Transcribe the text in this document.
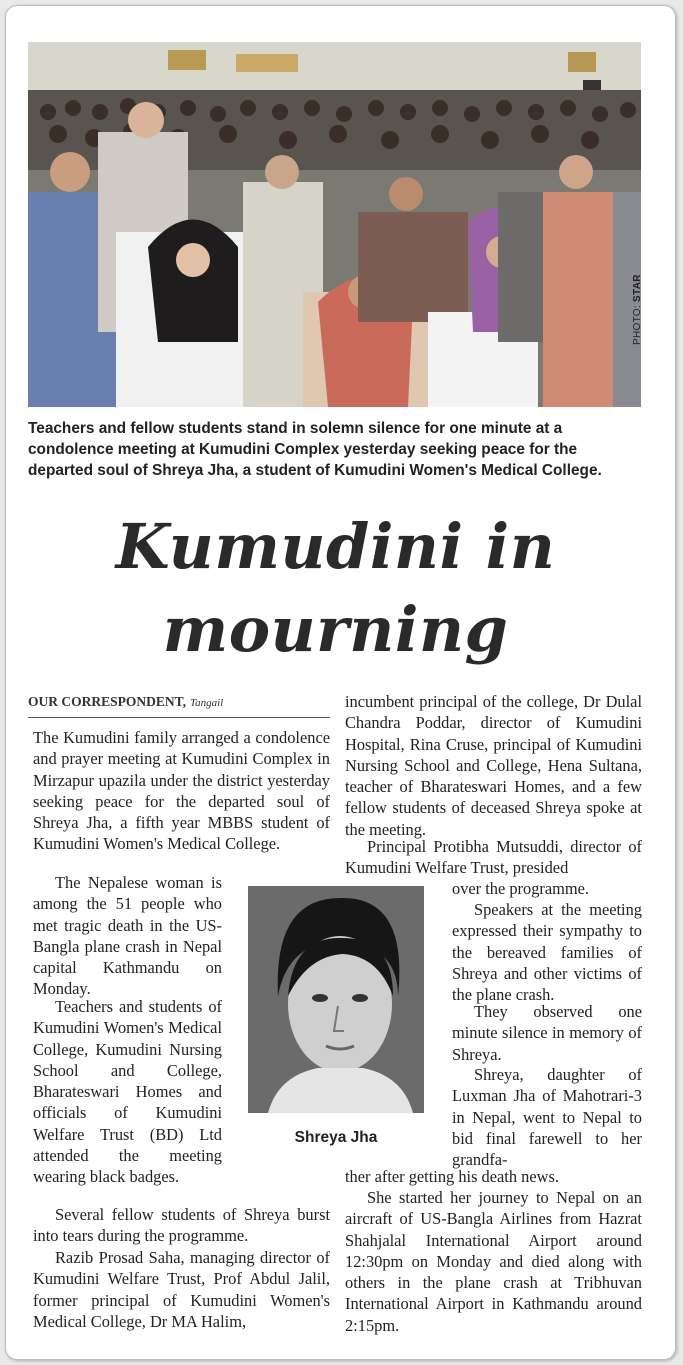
PHOTO: STAR
Teachers and fellow students stand in solemn silence for one minute at a condolence meeting at Kumudini Complex yesterday seeking peace for the departed soul of Shreya Jha, a student of Kumudini Women's Medical College.
Kumudini in
mourning
OUR CORRESPONDENT, Tangail

The Kumudini family arranged a condolence and prayer meeting at Kumudini Complex in Mirzapur upazila under the district yesterday seeking peace for the departed soul of Shreya Jha, a fifth year MBBS student of Kumudini Women's Medical College.

The Nepalese woman is among the 51 people who met tragic death in the US-Bangla plane crash in Nepal capital Kathmandu on Monday.

Teachers and students of Kumudini Women's Medical College, Kumudini Nursing School and College, Bharateswari Homes and officials of Kumudini Welfare Trust (BD) Ltd attended the meeting wearing black badges.

Several fellow students of Shreya burst into tears during the programme.

Razib Prosad Saha, managing director of Kumudini Welfare Trust, Prof Abdul Jalil, former principal of Kumudini Women's Medical College, Dr MA Halim,

Shreya Jha

incumbent principal of the college, Dr Dulal Chandra Poddar, director of Kumudini Hospital, Rina Cruse, principal of Kumudini Nursing School and College, Hena Sultana, teacher of Bharateswari Homes, and a few fellow students of deceased Shreya spoke at the meeting.

Principal Protibha Mutsuddi, director of Kumudini Welfare Trust, presided

over the programme.

Speakers at the meeting expressed their sympathy to the bereaved families of Shreya and other victims of the plane crash.

They observed one minute silence in memory of Shreya.

Shreya, daughter of Luxman Jha of Mahotrari-3 in Nepal, went to Nepal to bid final farewell to her grandfa-

ther after getting his death news.

She started her journey to Nepal on an aircraft of US-Bangla Airlines from Hazrat Shahjalal International Airport around 12:30pm on Monday and died along with others in the plane crash at Tribhuvan International Airport in Kathmandu around 2:15pm.
